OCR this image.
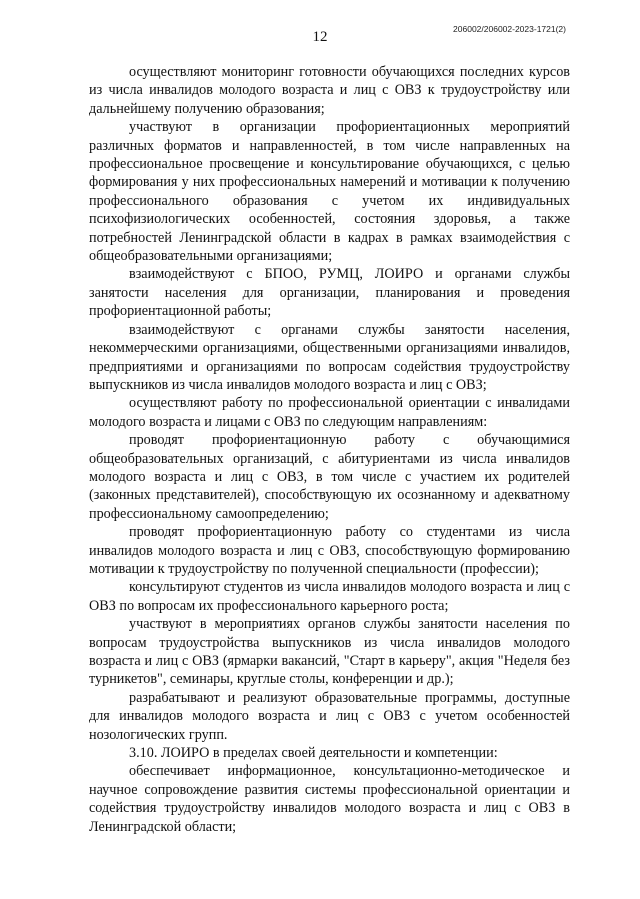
206002/206002-2023-1721(2)
12

осуществляют мониторинг готовности обучающихся последних курсов из числа инвалидов молодого возраста и лиц с ОВЗ к трудоустройству или дальнейшему получению образования;

участвуют в организации профориентационных мероприятий различных форматов и направленностей, в том числе направленных на профессиональное просвещение и консультирование обучающихся, с целью формирования у них профессиональных намерений и мотивации к получению профессионального образования с учетом их индивидуальных психофизиологических особенностей, состояния здоровья, а также потребностей Ленинградской области в кадрах в рамках взаимодействия с общеобразовательными организациями;

взаимодействуют с БПОО, РУМЦ, ЛОИРО и органами службы занятости населения для организации, планирования и проведения профориентационной работы;

взаимодействуют с органами службы занятости населения, некоммерческими организациями, общественными организациями инвалидов, предприятиями и организациями по вопросам содействия трудоустройству выпускников из числа инвалидов молодого возраста и лиц с ОВЗ;

осуществляют работу по профессиональной ориентации с инвалидами молодого возраста и лицами с ОВЗ по следующим направлениям:

проводят профориентационную работу с обучающимися общеобразовательных организаций, с абитуриентами из числа инвалидов молодого возраста и лиц с ОВЗ, в том числе с участием их родителей (законных представителей), способствующую их осознанному и адекватному профессиональному самоопределению;

проводят профориентационную работу со студентами из числа инвалидов молодого возраста и лиц с ОВЗ, способствующую формированию мотивации к трудоустройству по полученной специальности (профессии);

консультируют студентов из числа инвалидов молодого возраста и лиц с ОВЗ по вопросам их профессионального карьерного роста;

участвуют в мероприятиях органов службы занятости населения по вопросам трудоустройства выпускников из числа инвалидов молодого возраста и лиц с ОВЗ (ярмарки вакансий, "Старт в карьеру", акция "Неделя без турникетов", семинары, круглые столы, конференции и др.);

разрабатывают и реализуют образовательные программы, доступные для инвалидов молодого возраста и лиц с ОВЗ с учетом особенностей нозологических групп.

3.10. ЛОИРО в пределах своей деятельности и компетенции:

обеспечивает информационное, консультационно-методическое и научное сопровождение развития системы профессиональной ориентации и содействия трудоустройству инвалидов молодого возраста и лиц с ОВЗ в Ленинградской области;
